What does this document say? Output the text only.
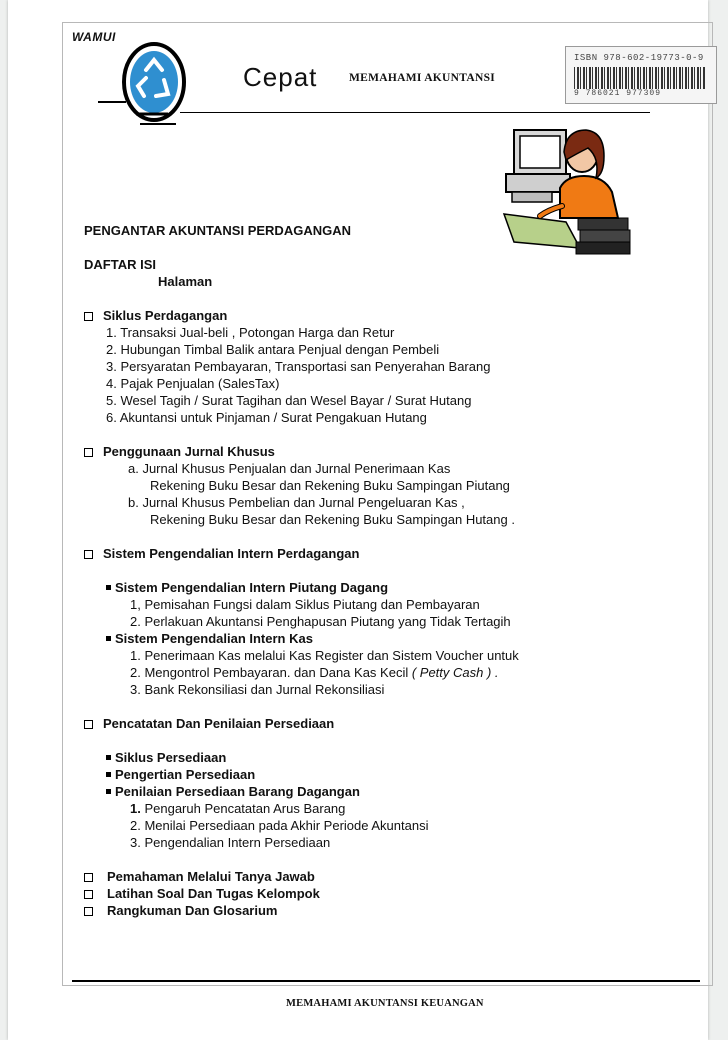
WAMUI
Cepat	MEMAHAMI AKUNTANSI
ISBN 978-602-19773-0-9
9 786021 977309
PENGANTAR AKUNTANSI PERDAGANGAN
DAFTAR ISI
Halaman
Siklus Perdagangan
1. Transaksi Jual-beli , Potongan Harga dan Retur
2. Hubungan Timbal Balik antara Penjual dengan Pembeli
3. Persyaratan Pembayaran, Transportasi san Penyerahan Barang
4. Pajak Penjualan (SalesTax)
5. Wesel Tagih / Surat Tagihan dan Wesel Bayar / Surat Hutang
6. Akuntansi untuk Pinjaman / Surat Pengakuan Hutang
Penggunaan Jurnal Khusus
a. Jurnal Khusus Penjualan dan Jurnal Penerimaan Kas
Rekening Buku Besar dan Rekening Buku Sampingan Piutang
b. Jurnal Khusus Pembelian dan Jurnal Pengeluaran Kas ,
Rekening Buku Besar dan Rekening Buku Sampingan Hutang .
Sistem Pengendalian Intern Perdagangan
Sistem Pengendalian Intern Piutang Dagang
1, Pemisahan Fungsi dalam Siklus Piutang dan Pembayaran
2. Perlakuan Akuntansi Penghapusan Piutang yang Tidak Tertagih
Sistem Pengendalian Intern Kas
1. Penerimaan Kas melalui Kas Register dan Sistem Voucher untuk
2. Mengontrol Pembayaran. dan Dana Kas Kecil ( Petty Cash ) .
3. Bank Rekonsiliasi dan Jurnal Rekonsiliasi
Pencatatan Dan Penilaian Persediaan
Siklus Persediaan
Pengertian Persediaan
Penilaian Persediaan Barang Dagangan
1. Pengaruh Pencatatan Arus Barang
2. Menilai Persediaan pada Akhir Periode Akuntansi
3. Pengendalian Intern Persediaan
Pemahaman Melalui Tanya Jawab
Latihan Soal Dan Tugas Kelompok
Rangkuman Dan Glosarium
MEMAHAMI AKUNTANSI KEUANGAN
